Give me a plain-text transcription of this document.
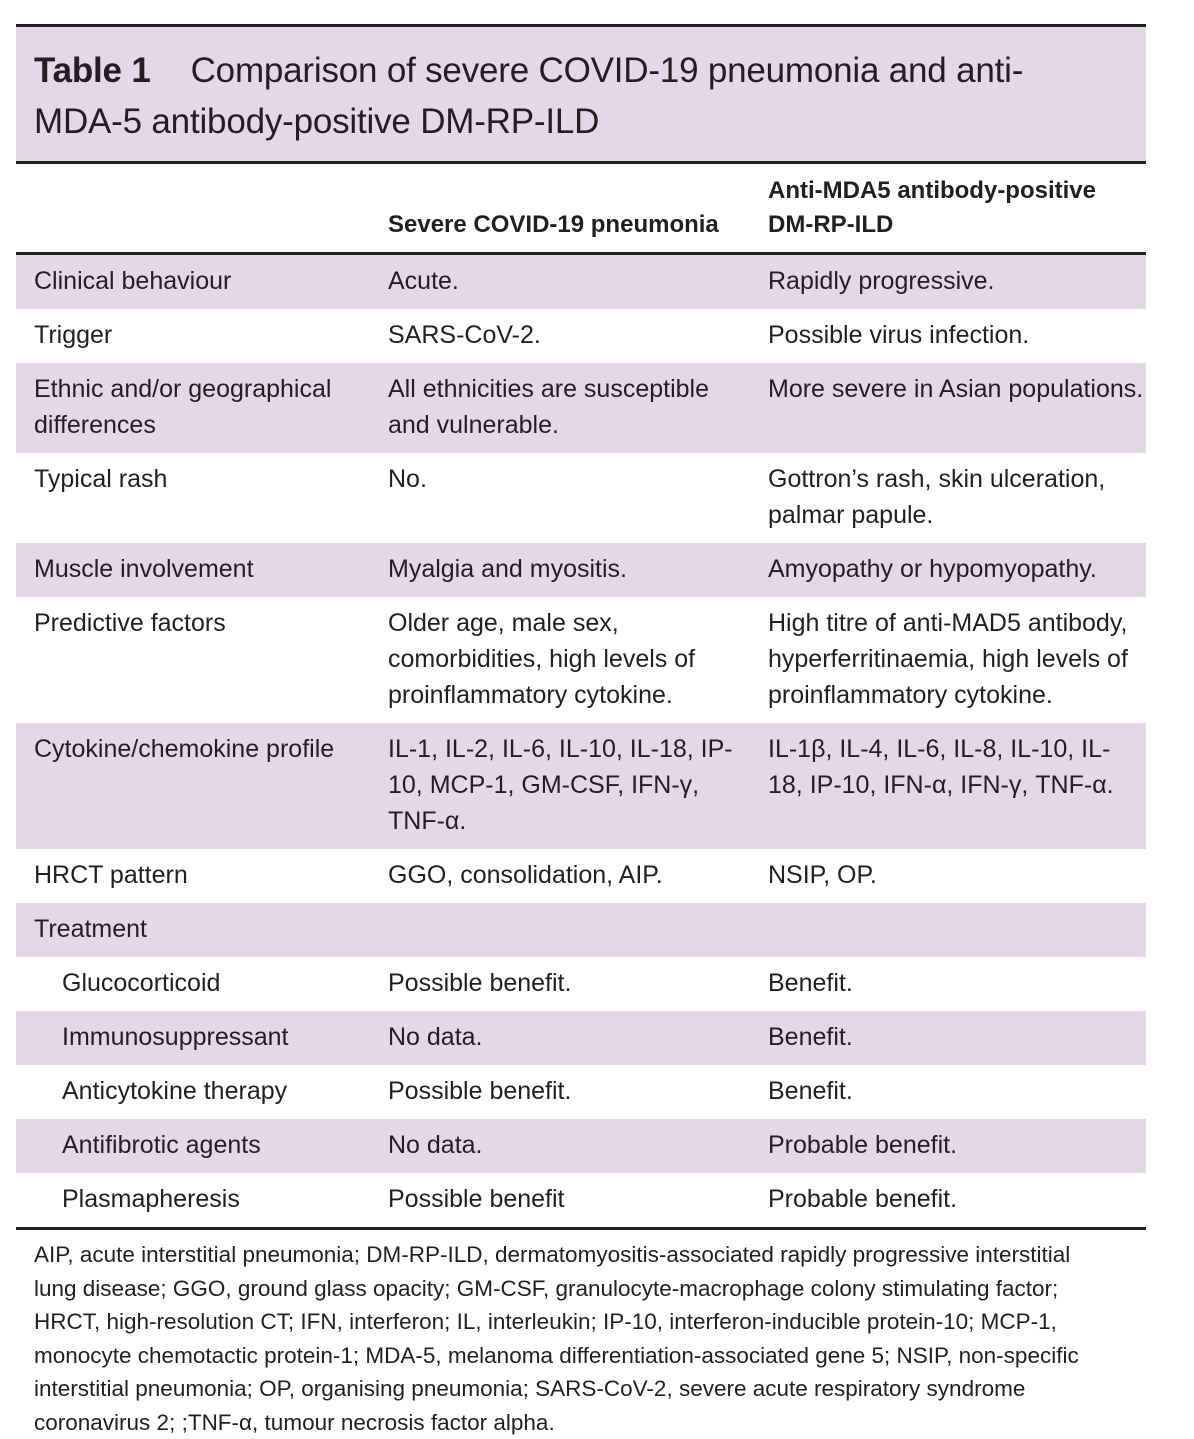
Table 1 Comparison of severe COVID-19 pneumonia and anti-
MDA-5 antibody-positive DM-RP-ILD
	Severe COVID-19 pneumonia	Anti-MDA5 antibody-positive
DM-RP-ILD
Clinical behaviour	Acute.	Rapidly progressive.
Trigger	SARS-CoV-2.	Possible virus infection.
Ethnic and/or geographical differences	All ethnicities are susceptible and vulnerable.	More severe in Asian populations.
Typical rash	No.	Gottron’s rash, skin ulceration, palmar papule.
Muscle involvement	Myalgia and myositis.	Amyopathy or hypomyopathy.
Predictive factors	Older age, male sex, comorbidities, high levels of proinflammatory cytokine.	High titre of anti-MAD5 antibody, hyperferritinaemia, high levels of proinflammatory cytokine.
Cytokine/chemokine profile	IL-1, IL-2, IL-6, IL-10, IL-18, IP-10, MCP-1, GM-CSF, IFN-γ, TNF-α.	IL-1β, IL-4, IL-6, IL-8, IL-10, IL-18, IP-10, IFN-α, IFN-γ, TNF-α.
HRCT pattern	GGO, consolidation, AIP.	NSIP, OP.
Treatment		
Glucocorticoid	Possible benefit.	Benefit.
Immunosuppressant	No data.	Benefit.
Anticytokine therapy	Possible benefit.	Benefit.
Antifibrotic agents	No data.	Probable benefit.
Plasmapheresis	Possible benefit	Probable benefit.
AIP, acute interstitial pneumonia; DM-RP-ILD, dermatomyositis-associated rapidly progressive interstitial lung disease; GGO, ground glass opacity; GM-CSF, granulocyte-macrophage colony stimulating factor; HRCT, high-resolution CT; IFN, interferon; IL, interleukin; IP-10, interferon-inducible protein-10; MCP-1, monocyte chemotactic protein-1; MDA-5, melanoma differentiation-associated gene 5; NSIP, non-specific interstitial pneumonia; OP, organising pneumonia; SARS-CoV-2, severe acute respiratory syndrome coronavirus 2; ;TNF-α, tumour necrosis factor alpha.
